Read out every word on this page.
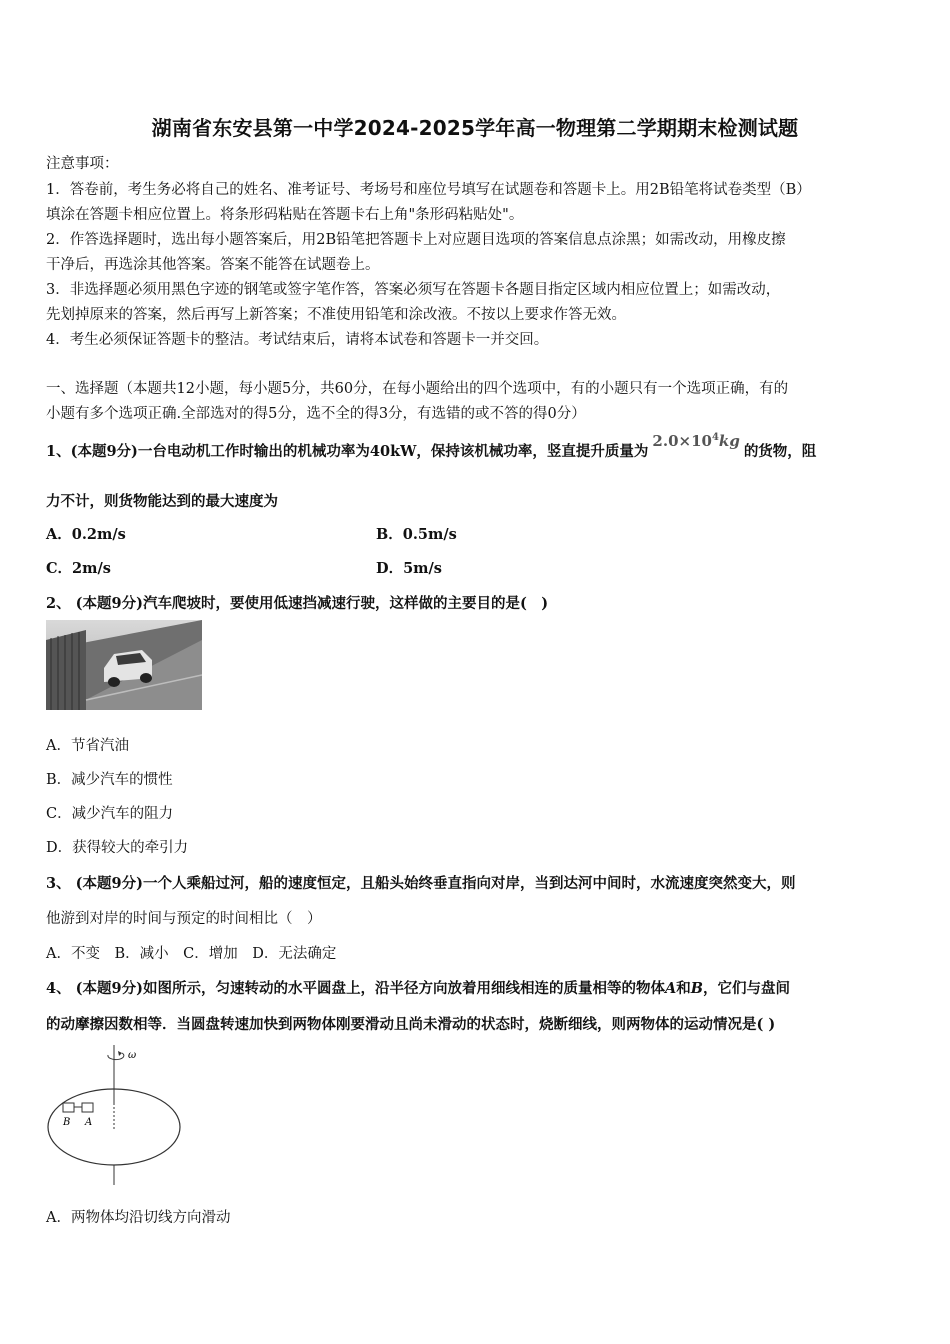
湖南省东安县第一中学2024-2025学年高一物理第二学期期末检测试题
注意事项：
1．答卷前，考生务必将自己的姓名、准考证号、考场号和座位号填写在试题卷和答题卡上。用2B铅笔将试卷类型（B）
填涂在答题卡相应位置上。将条形码粘贴在答题卡右上角"条形码粘贴处"。
2．作答选择题时，选出每小题答案后，用2B铅笔把答题卡上对应题目选项的答案信息点涂黑；如需改动，用橡皮擦
干净后，再选涂其他答案。答案不能答在试题卷上。
3．非选择题必须用黑色字迹的钢笔或签字笔作答，答案必须写在答题卡各题目指定区域内相应位置上；如需改动，
先划掉原来的答案，然后再写上新答案；不准使用铅笔和涂改液。不按以上要求作答无效。
4．考生必须保证答题卡的整洁。考试结束后，请将本试卷和答题卡一并交回。
一、选择题（本题共12小题，每小题5分，共60分，在每小题给出的四个选项中，有的小题只有一个选项正确，有的
小题有多个选项正确.全部选对的得5分，选不全的得3分，有选错的或不答的得0分）
1、(本题9分)一台电动机工作时输出的机械功率为40kW，保持该机械功率，竖直提升质量为$2.0\times 10^4kg$的货物，阻
力不计，则货物能达到的最大速度为
A．0.2m/s	B．0.5m/s
C．2m/s	D．5m/s
2、 (本题9分)汽车爬坡时，要使用低速挡减速行驶，这样做的主要目的是(　)
A．节省汽油
B．减少汽车的惯性
C．减少汽车的阻力
D．获得较大的牵引力
3、 (本题9分)一个人乘船过河，船的速度恒定，且船头始终垂直指向对岸，当到达河中间时，水流速度突然变大，则
他游到对岸的时间与预定的时间相比（　）
A．不变　B．减小　C．增加　D．无法确定
4、 (本题9分)如图所示，匀速转动的水平圆盘上，沿半径方向放着用细线相连的质量相等的物体A和B，它们与盘间
的动摩擦因数相等．当圆盘转速加快到两物体刚要滑动且尚未滑动的状态时，烧断细线，则两物体的运动情况是( )
ω
B A
A．两物体均沿切线方向滑动
